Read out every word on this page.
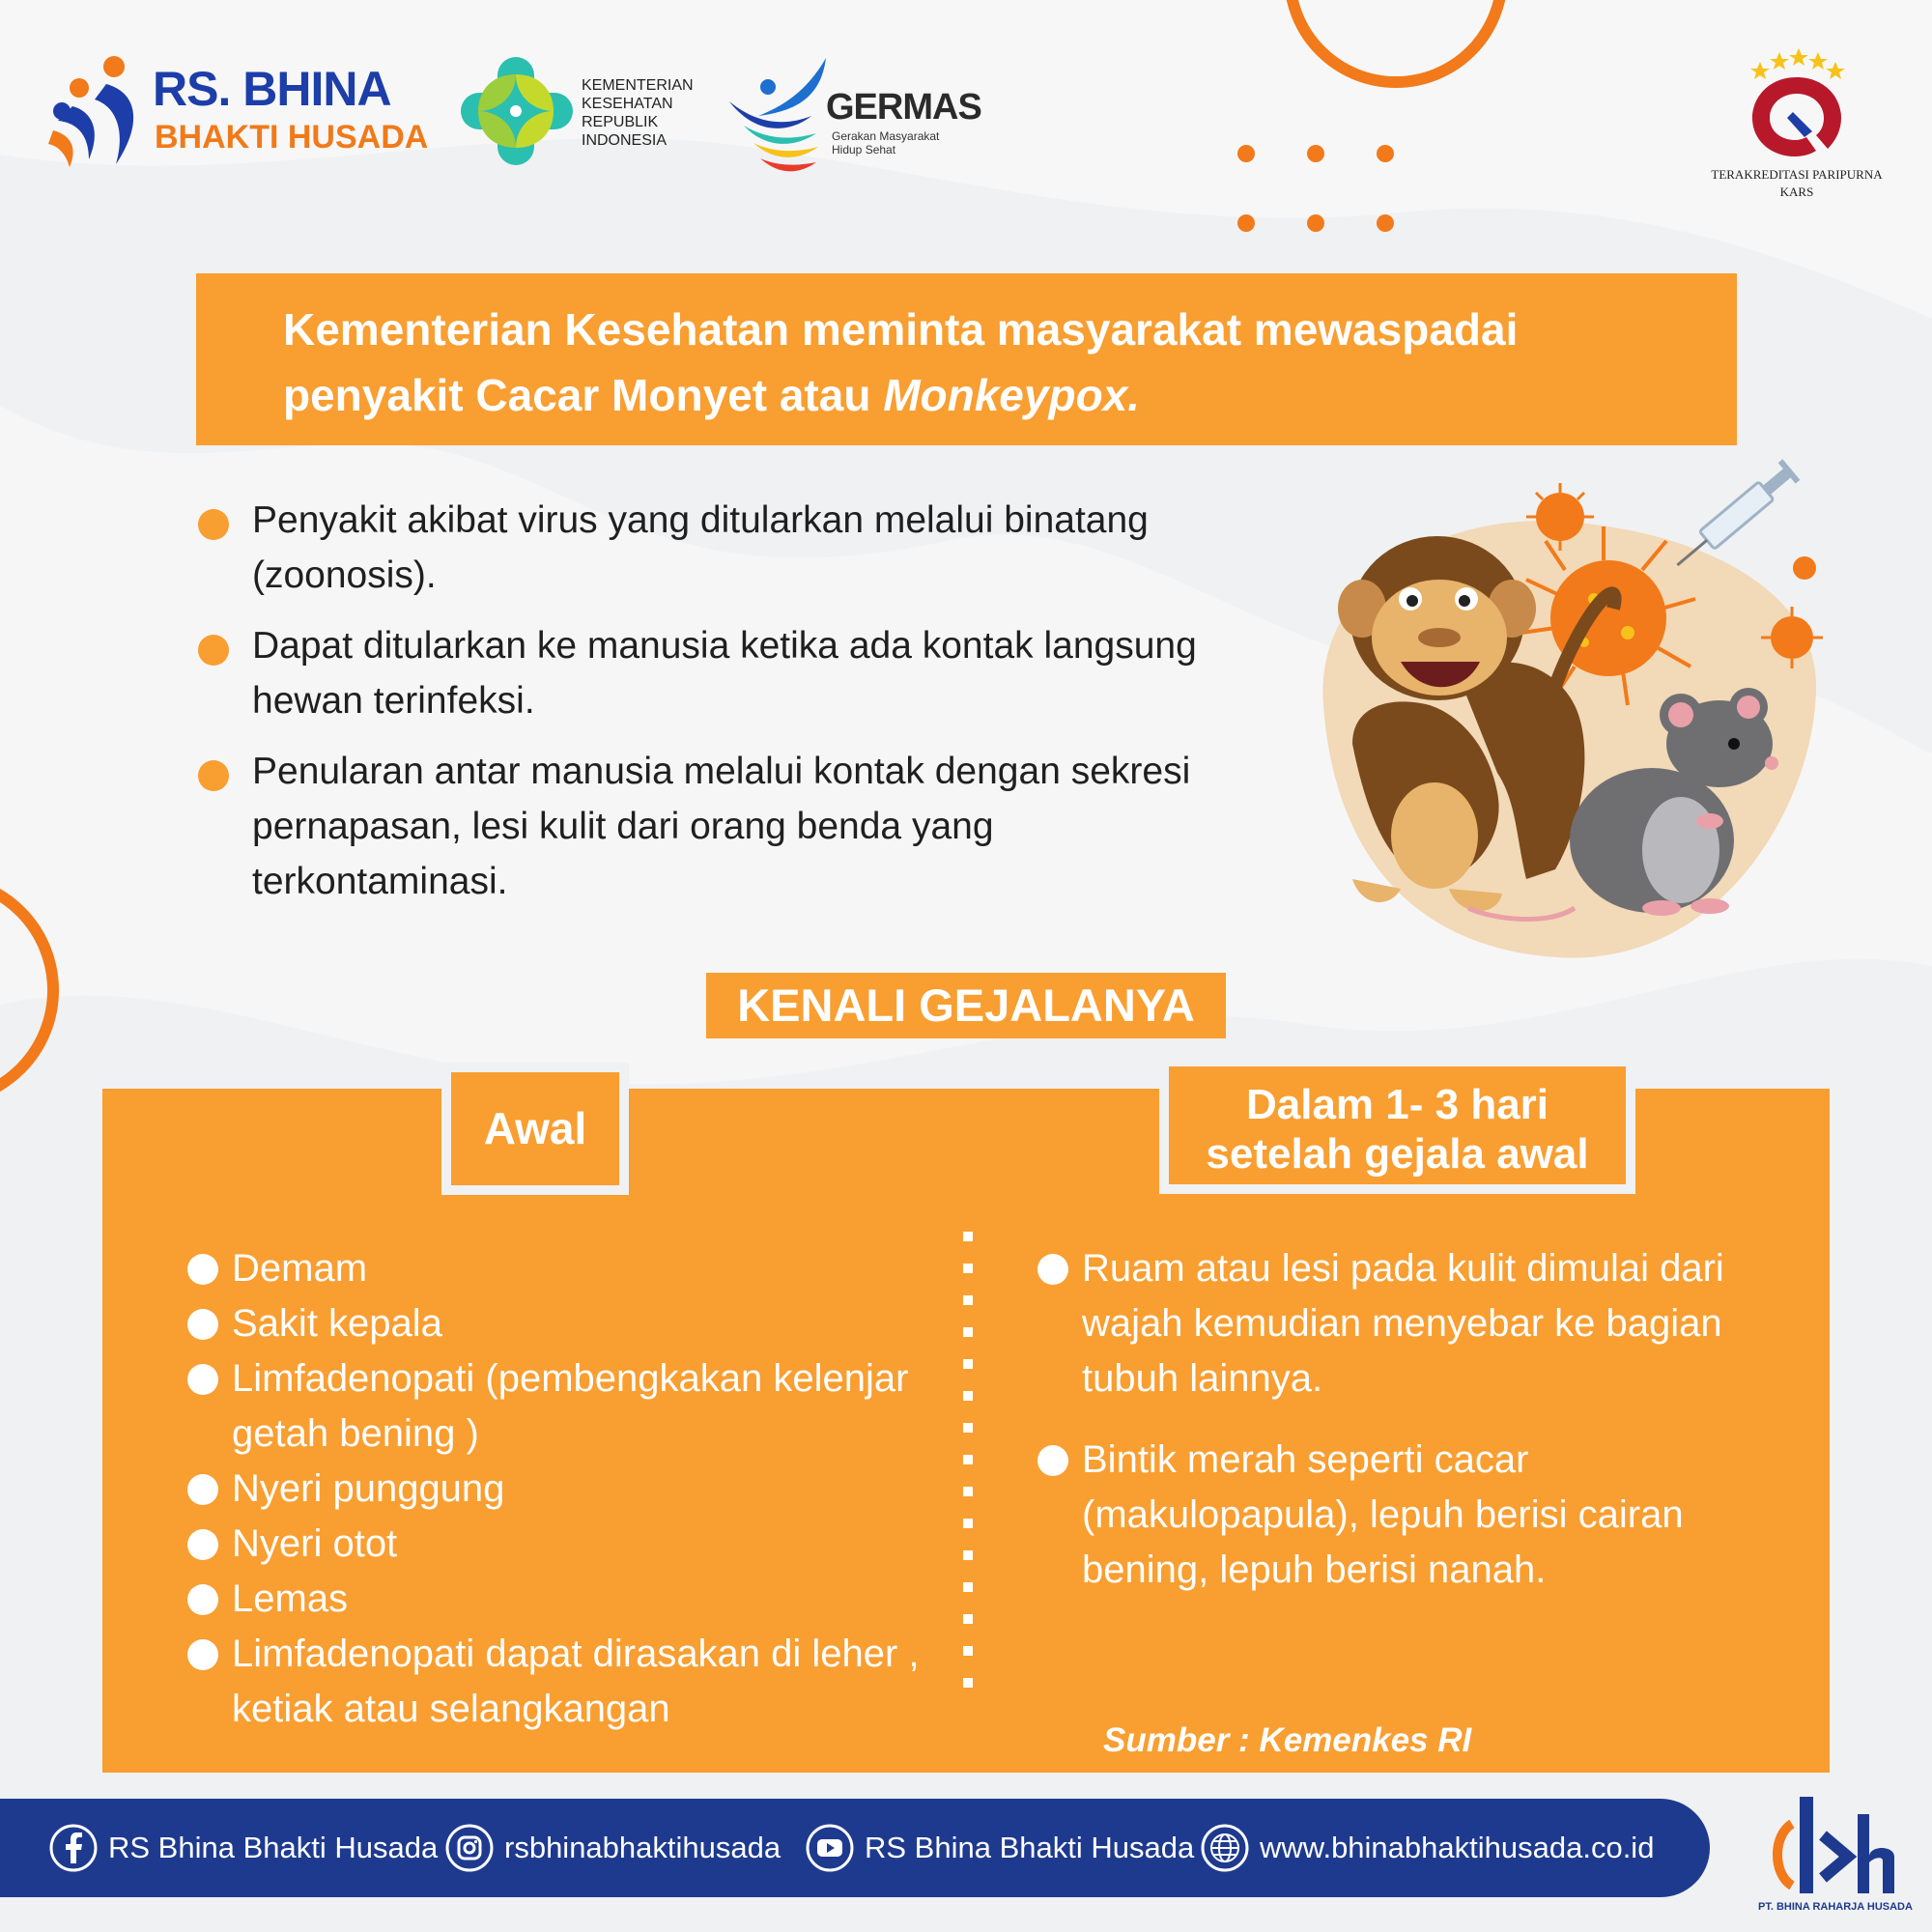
RS. BHINA
BHAKTI HUSADA
KEMENTERIAN
KESEHATAN
REPUBLIK
INDONESIA
GERMAS
Gerakan Masyarakat
Hidup Sehat
TERAKREDITASI PARIPURNA
KARS
Kementerian Kesehatan meminta masyarakat mewaspadai
penyakit Cacar Monyet atau Monkeypox.
Penyakit akibat virus yang ditularkan melalui binatang (zoonosis).
Dapat ditularkan ke manusia ketika ada kontak langsung hewan terinfeksi.
Penularan antar manusia melalui kontak dengan sekresi pernapasan, lesi kulit dari orang benda yang terkontaminasi.
KENALI GEJALANYA
Awal	Dalam 1- 3 hari
setelah gejala awal
Demam
Sakit kepala
Limfadenopati (pembengkakan kelenjar getah bening )
Nyeri punggung
Nyeri otot
Lemas
Limfadenopati dapat dirasakan di leher , ketiak atau selangkangan
Ruam atau lesi pada kulit dimulai dari wajah kemudian menyebar ke bagian tubuh lainnya.
Bintik merah seperti cacar (makulopapula), lepuh berisi cairan bening, lepuh berisi nanah.
Sumber : Kemenkes RI
RS Bhina Bhakti Husada rsbhinabhaktihusada	RS Bhina Bhakti Husada www.bhinabhaktihusada.co.id
PT. BHINA RAHARJA HUSADA
